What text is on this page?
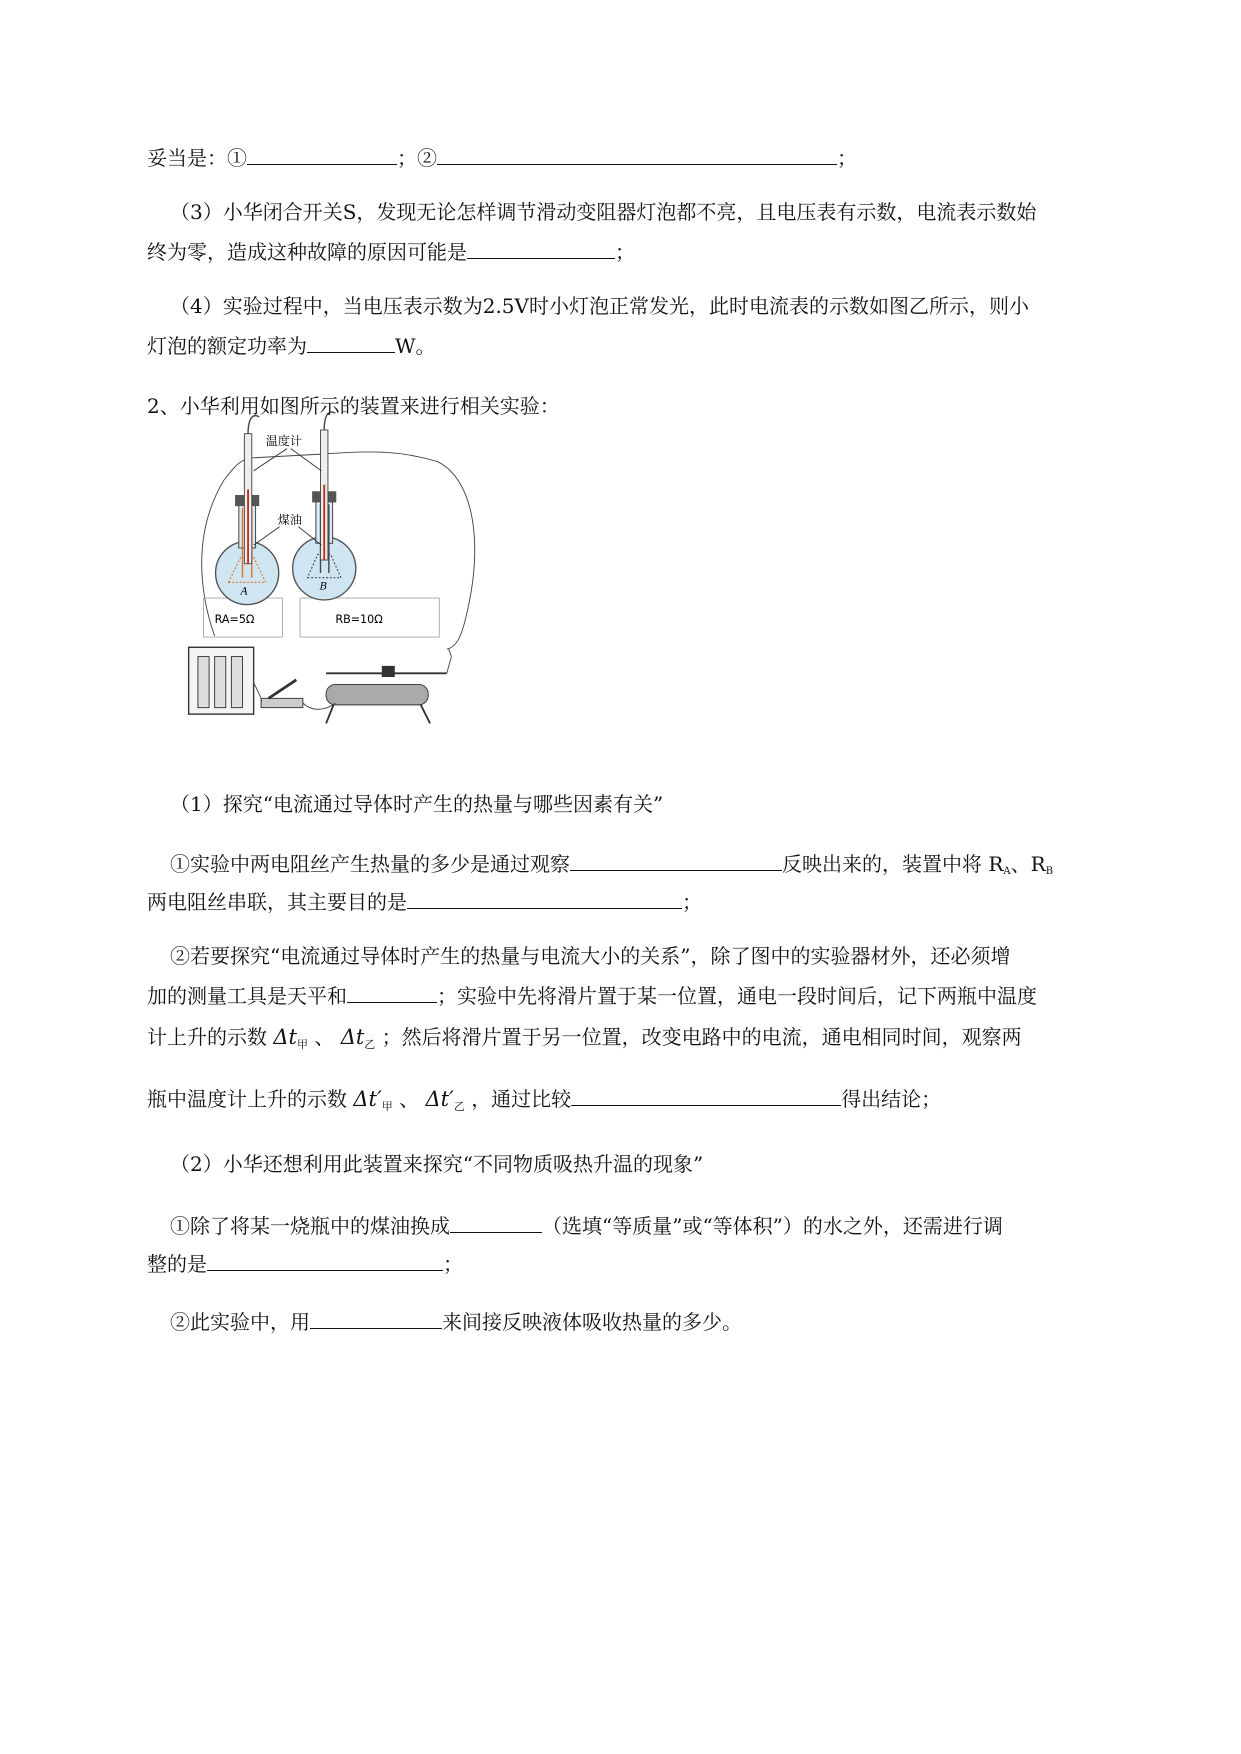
妥当是：①	；②	；
（3）小华闭合开关S，发现无论怎样调节滑动变阻器灯泡都不亮，且电压表有示数，电流表示数始
终为零，造成这种故障的原因可能是	；
（4）实验过程中，当电压表示数为2.5V时小灯泡正常发光，此时电流表的示数如图乙所示，则小
灯泡的额定功率为	W。
2、小华利用如图所示的装置来进行相关实验：
温度计
煤油
A	B
RA=5Ω	RB=10Ω
（1）探究“电流通过导体时产生的热量与哪些因素有关”
①实验中两电阻丝产生热量的多少是通过观察	反映出来的，装置中将 RA、RB
两电阻丝串联，其主要目的是	；
②若要探究“电流通过导体时产生的热量与电流大小的关系”，除了图中的实验器材外，还必须增
加的测量工具是天平和	；实验中先将滑片置于某一位置，通电一段时间后，记下两瓶中温度
计上升的示数 $\Delta t_甲$ 、 $\Delta t_乙$ ；然后将滑片置于另一位置，改变电路中的电流，通电相同时间，观察两
瓶中温度计上升的示数 $\Delta t'_甲$ 、 $\Delta t'_乙$ ，通过比较	得出结论；
（2）小华还想利用此装置来探究“不同物质吸热升温的现象”
①除了将某一烧瓶中的煤油换成	（选填“等质量”或“等体积”）的水之外，还需进行调
整的是	；
②此实验中，用	来间接反映液体吸收热量的多少。
